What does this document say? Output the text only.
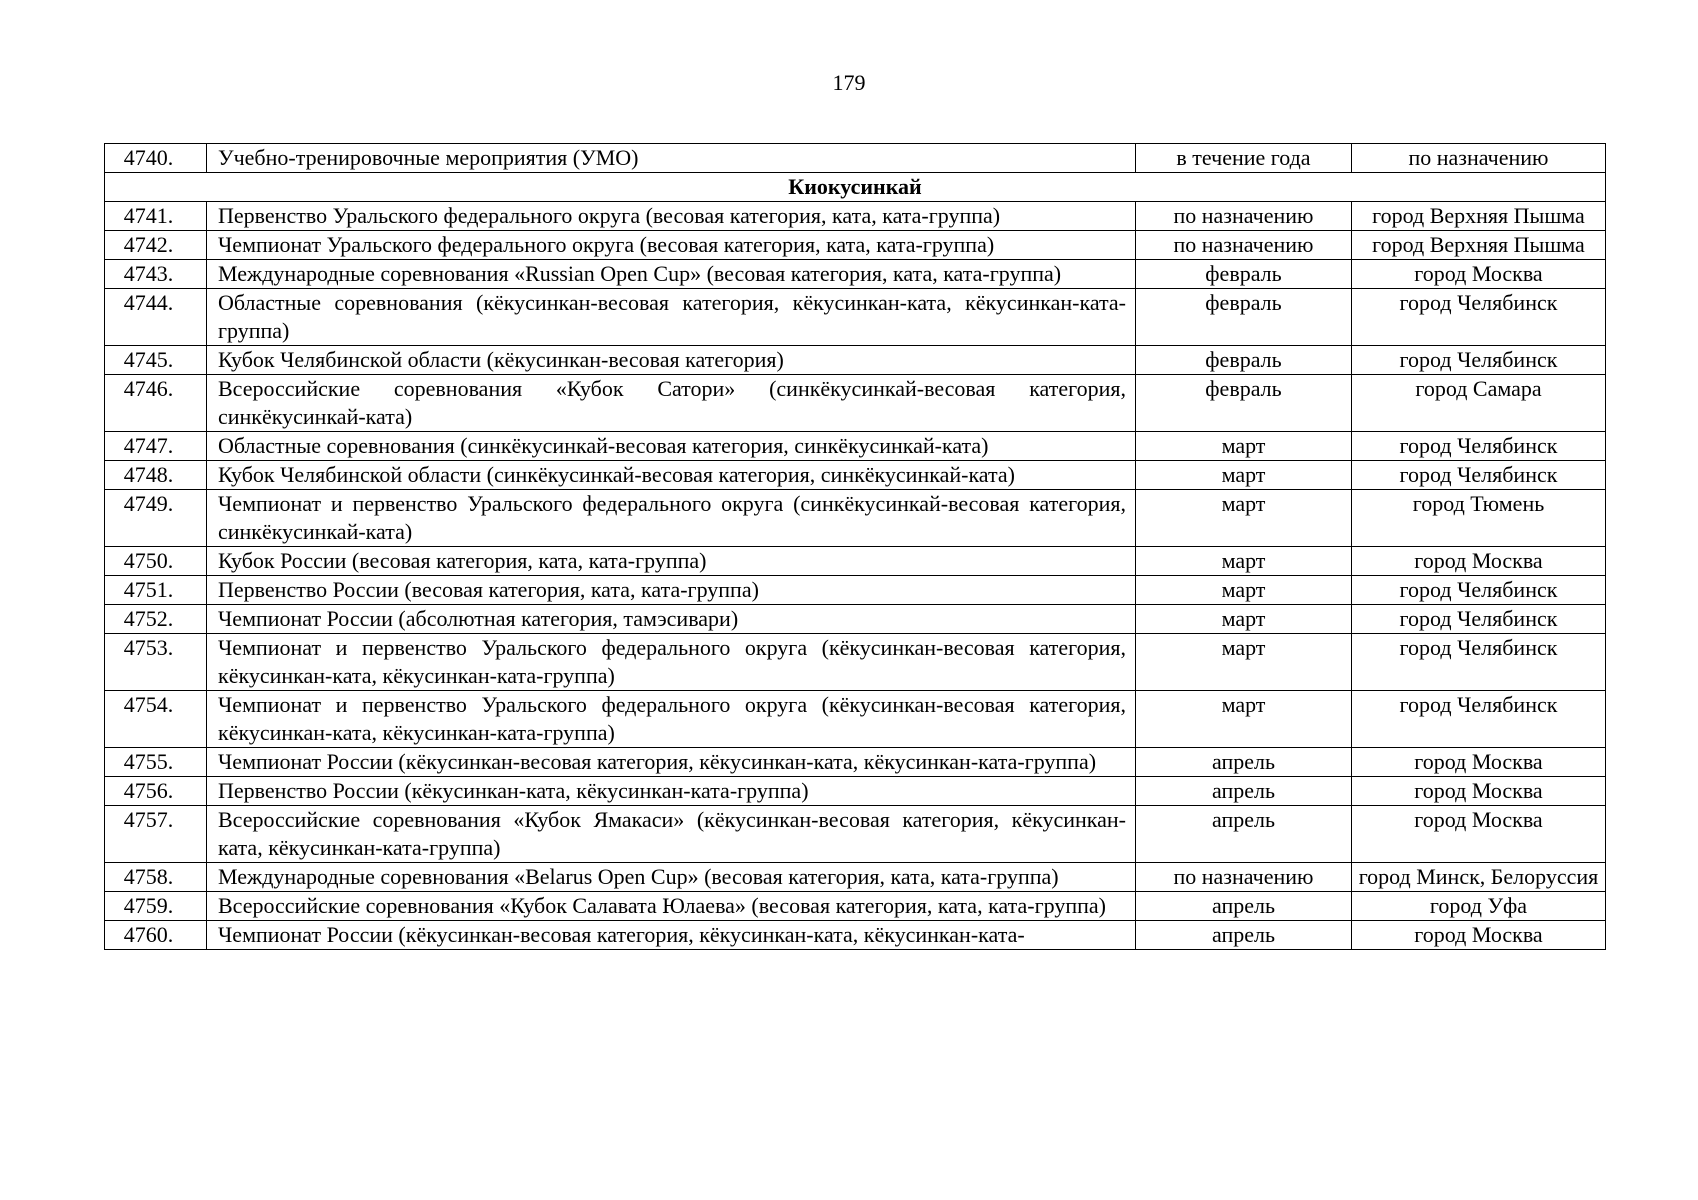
179
4740.	Учебно-тренировочные мероприятия (УМО)	в течение года	по назначению
Киокусинкай			
4741.	Первенство Уральского федерального округа (весовая категория, ката, ката-группа)	по назначению	город Верхняя Пышма
4742.	Чемпионат Уральского федерального округа (весовая категория, ката, ката-группа)	по назначению	город Верхняя Пышма
4743.	Международные соревнования «Russian Open Cup» (весовая категория, ката, ката-группа)	февраль	город Москва
4744.	Областные соревнования (кёкусинкан-весовая категория, кёкусинкан-ката, кёкусинкан-ката-группа)	февраль	город Челябинск
4745.	Кубок Челябинской области (кёкусинкан-весовая категория)	февраль	город Челябинск
4746.	Всероссийские соревнования «Кубок Сатори» (синкёкусинкай-весовая категория, синкёкусинкай-ката)	февраль	город Самара
4747.	Областные соревнования (синкёкусинкай-весовая категория, синкёкусинкай-ката)	март	город Челябинск
4748.	Кубок Челябинской области (синкёкусинкай-весовая категория, синкёкусинкай-ката)	март	город Челябинск
4749.	Чемпионат и первенство Уральского федерального округа (синкёкусинкай-весовая категория, синкёкусинкай-ката)	март	город Тюмень
4750.	Кубок России (весовая категория, ката, ката-группа)	март	город Москва
4751.	Первенство России (весовая категория, ката, ката-группа)	март	город Челябинск
4752.	Чемпионат России (абсолютная категория, тамэсивари)	март	город Челябинск
4753.	Чемпионат и первенство Уральского федерального округа (кёкусинкан-весовая категория, кёкусинкан-ката, кёкусинкан-ката-группа)	март	город Челябинск
4754.	Чемпионат и первенство Уральского федерального округа (кёкусинкан-весовая категория, кёкусинкан-ката, кёкусинкан-ката-группа)	март	город Челябинск
4755.	Чемпионат России (кёкусинкан-весовая категория, кёкусинкан-ката, кёкусинкан-ката-группа)	апрель	город Москва
4756.	Первенство России (кёкусинкан-ката, кёкусинкан-ката-группа)	апрель	город Москва
4757.	Всероссийские соревнования «Кубок Ямакаси» (кёкусинкан-весовая категория, кёкусинкан-ката, кёкусинкан-ката-группа)	апрель	город Москва
4758.	Международные соревнования «Belarus Open Cup» (весовая категория, ката, ката-группа)	по назначению	город Минск, Белоруссия
4759.	Всероссийские соревнования «Кубок Салавата Юлаева» (весовая категория, ката, ката-группа)	апрель	город Уфа
4760.	Чемпионат России (кёкусинкан-весовая категория, кёкусинкан-ката, кёкусинкан-ката-	апрель	город Москва
